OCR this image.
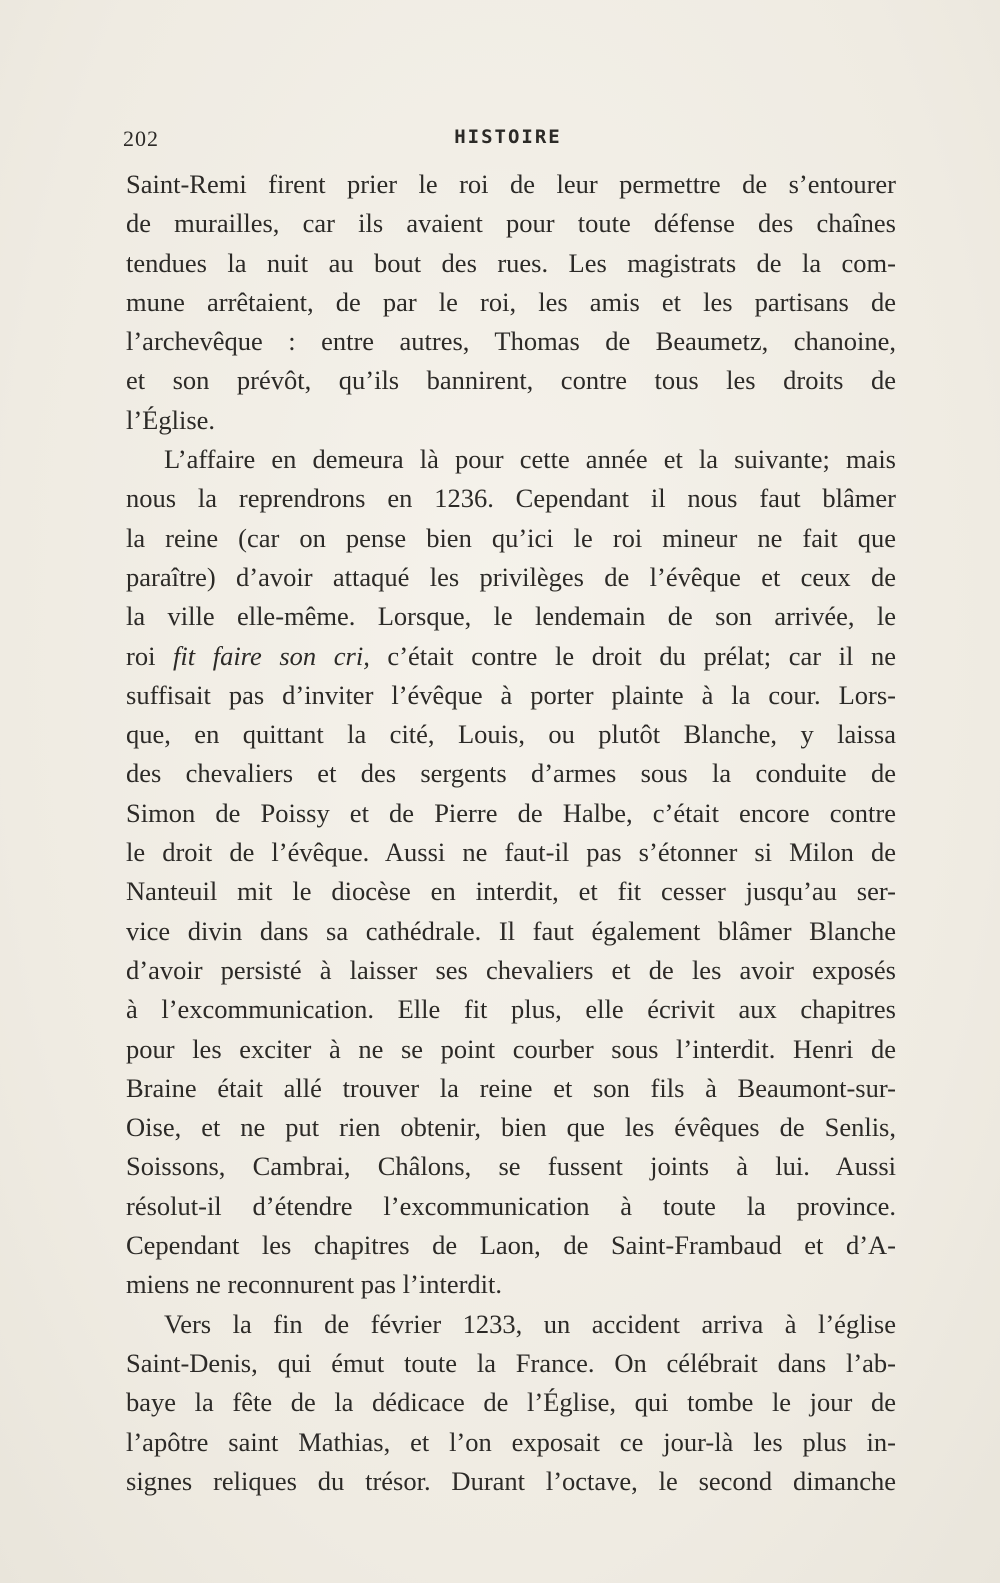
202	HISTOIRE
Saint-Remi firent prier le roi de leur permettre de s’entourer
de murailles, car ils avaient pour toute défense des chaînes
tendues la nuit au bout des rues. Les magistrats de la com-
mune arrêtaient, de par le roi, les amis et les partisans de
l’archevêque : entre autres, Thomas de Beaumetz, chanoine,
et son prévôt, qu’ils bannirent, contre tous les droits de
l’Église.
L’affaire en demeura là pour cette année et la suivante; mais
nous la reprendrons en 1236. Cependant il nous faut blâmer
la reine (car on pense bien qu’ici le roi mineur ne fait que
paraître) d’avoir attaqué les privilèges de l’évêque et ceux de
la ville elle-même. Lorsque, le lendemain de son arrivée, le
roi fit faire son cri, c’était contre le droit du prélat; car il ne
suffisait pas d’inviter l’évêque à porter plainte à la cour. Lors-
que, en quittant la cité, Louis, ou plutôt Blanche, y laissa
des chevaliers et des sergents d’armes sous la conduite de
Simon de Poissy et de Pierre de Halbe, c’était encore contre
le droit de l’évêque. Aussi ne faut-il pas s’étonner si Milon de
Nanteuil mit le diocèse en interdit, et fit cesser jusqu’au ser-
vice divin dans sa cathédrale. Il faut également blâmer Blanche
d’avoir persisté à laisser ses chevaliers et de les avoir exposés
à l’excommunication. Elle fit plus, elle écrivit aux chapitres
pour les exciter à ne se point courber sous l’interdit. Henri de
Braine était allé trouver la reine et son fils à Beaumont-sur-
Oise, et ne put rien obtenir, bien que les évêques de Senlis,
Soissons, Cambrai, Châlons, se fussent joints à lui. Aussi
résolut-il d’étendre l’excommunication à toute la province.
Cependant les chapitres de Laon, de Saint-Frambaud et d’A-
miens ne reconnurent pas l’interdit.
Vers la fin de février 1233, un accident arriva à l’église
Saint-Denis, qui émut toute la France. On célébrait dans l’ab-
baye la fête de la dédicace de l’Église, qui tombe le jour de
l’apôtre saint Mathias, et l’on exposait ce jour-là les plus in-
signes reliques du trésor. Durant l’octave, le second dimanche
